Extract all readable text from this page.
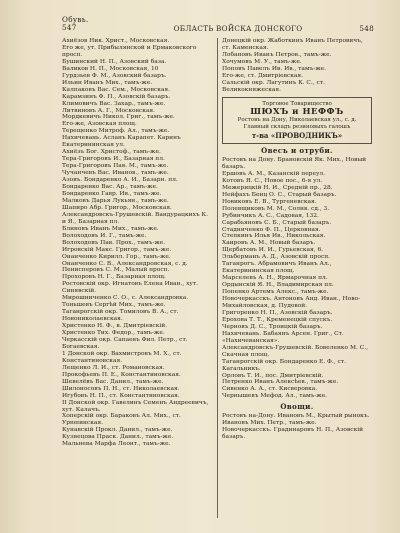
Обувь.
547	ОБЛАСТЬ ВОЙСКА ДОНСКОГО	548

Ахиёзов Ник. Христ., Московская.

Его же, ут. Прибылянской и Ермаковского просп.

Бушинский Н. П., Азовский база.

Валиков Н. П., Московская, 10

Гурдзьев Ф. М., Азовский базаръ.

Ильин Иванъ Мих., тамъ-же.

Калпаковъ Вас. Сем., Московская.

Карамзинъ Ф. П., Азовскій базаръ.

Климовичъ Вас. Захар., тамъ-же.

Литвиновъ А. Г., Московская.

Мордкевичъ Никол. Григ., тамъ-же.

Его-же, Азовская площ.

Терещенко Митроф. Ал., тамъ-же.

Нахичевань. Асланъ Карапет. Каринъ Екатерининская ул.

Ахиёзъ Бог. Христоф., тамъ-же.

Тера-Григоровъ И., Базарная пл.

Тера-Григоровъ Пав. М., тамъ-же.

Чучанчевъ Вас. Иванов., тамъ-же.

Азовъ. Бондаренко А. И., Базарн. пл.

Бондаренко Вас. Ар., тамъ-же.

Бондаренко Гавр. Ив., тамъ-же.

Малковъ Дарья Лукьян., тамъ-же.

Шапиро Абр. Григор., Московская.

Александровскъ-Грушевскій. Вандурацкихъ К. и Я., Базарная пл.

Блиновъ Иванъ Мих., тамъ-же.

Волоходовъ И. Г., тамъ-же.

Волоходовъ Пав. Прох., тамъ-же.

Игровскій Макс. Григор., тамъ-же.

Онанченко Кирилл. Гор., тамъ-же.

Онанченко С. В., Александровская, с. д.

Пенисперовъ С. М., Малый просп.

Прохоровъ Н. Г., Базарная площ.

Ростовскій окр. Игнатовъ Елена Иван., хут. Синявскій.

Мирошниченко С. О., с. Александровка.

Тоньшевъ Сергѣй Мих., тамъ-же.

Таганрогскій окр. Томиловъ В. А., ст. Новониколаевская.

Христенко Н. Ф., в. Дмитріевскій.

Христенко Тих. Федор., тамъ-же.

Черкасскій окр. Сапаевъ Фил. Петр., ст. Богаевская.

1 Донской окр. Вахмистровъ М. Х., ст. Константиновская.

Лещенко Л. И., ст. Романовская.

Прокофьевъ П. Е., Константиновская.

Шевелёвъ Вас. Данил., тамъ-же.

Шилоносовъ П. Н., ст. Николаевская.

Игубовъ Н. П., ст. Константиновская.

II Донской окр. Гавелинъ Семенъ Андреевичъ, хут. Калачъ.

Хоперскій окр. Бараковъ Ал. Мих., ст. Урюпинская.

Кунавскій Прокл. Данил., тамъ-же.

Кузнецова Праск. Данил., тамъ-же.

Мальнева Марфа Леонт., тамъ-же.

Донецкій окр. Жаботкинъ Иванъ Петровичъ, ст. Каменская.

Лобановъ Иванъ Петров., тамъ-же.

Хочумовъ М. У., тамъ-же.

Поповъ Павелъ Ив. Ив., тамъ-же.

Его-же, ст. Дмитріевская.

Сальскій окр. Лагутинъ К. С., ст. Великокняжеская.

Торговое Товарищество
ШЮХЪ и НЕФФЪ
Ростовъ на Дону, Николаевская ул., с. д.
Главный складъ резиновыхъ галошъ
т-ва «ПРОВОДНИКЪ»
Овесъ и отруби.

Ростовъ на Дону. Брановскій Як. Мих., Новый базаръ.

Ершовъ А. М., Казанскій переул.

Котовъ Я. С., Новое пос., 6-я ул.

Межерицкій Н. И., Средній пр., 28.

Нейфахъ Бенц О. С., Старый базаръ.

Новиковъ Е. В., Тургеневская.

Полевщиковъ М. М., Солнв. сд., 3.

Рубинчикъ А. С., Садовая, 132.

Сарабьяновъ С. Б., Старый базаръ.

Стадниченко Ф. П., Церковная.

Степкинъ Илья Ив., Никольская.

Хаировъ А. М., Новый базаръ.

Щербатовъ И. И., Гурьевская, 6.

Эльберманъ А. Д., Азовскій просп.

Таганрогъ. Абрамовичъ Иванъ Ал., Екатерининская площ.

Марселевъ А. Н., Ярмарочная пл.

Ордынскій Я. Н., Владимирская пл.

Попенко Артемъ Алекс., тамъ-же.

Новочеркасскъ. Антоновъ Анд. Иван., Ново-Михайловская, д. Пудовой.

Григоренко Н. П., Азовскій базаръ.

Ерохова Т. Т., Кременецкій спускъ.

Черновъ Д. С., Троицкій базаръ.

Нахичевань. Бабаянъ Арсен. Григ., Ст. «Нахичеванская».

Александровскъ-Грушевскій. Бовеленко М. С., Скачная площ.

Таганрогскій окр. Бондаренко Е. Ф., ст. Кагальникъ.

Орловъ Т. И., пос. Дмитріевскій.

Петренко Иванъ Алексѣев., тамъ-же.

Сивенко А. А., ст. Кисверовка.

Чернышевъ Мефод. Ал., тамъ-же.

Овощи.

Ростовъ на-Дону. Ивановъ М., Крытый рынокъ.

Ивановъ Мих. Петр., тамъ-же.

Новочеркасскъ. Градинаровъ Н. П., Азовскій базаръ.
